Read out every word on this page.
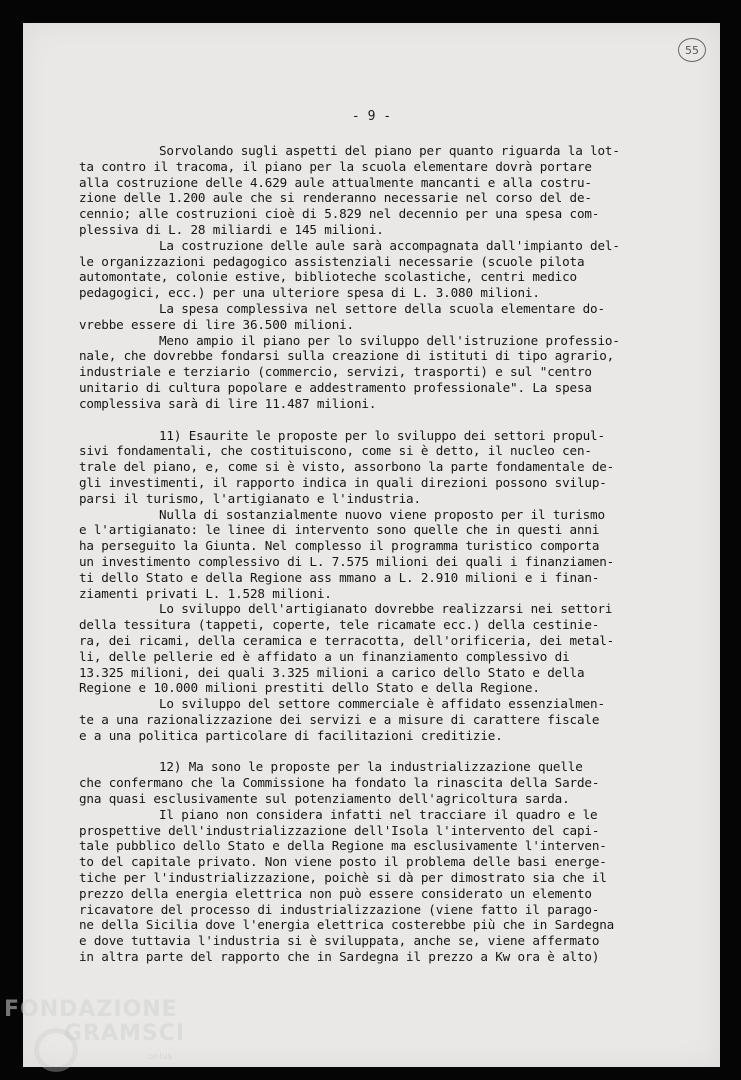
55
- 9 -
Sorvolando sugli aspetti del piano per quanto riguarda la lot-
ta contro il tracoma, il piano per la scuola elementare dovrà portare
alla costruzione delle 4.629 aule attualmente mancanti e alla costru-
zione delle 1.200 aule che si renderanno necessarie nel corso del de-
cennio; alle costruzioni cioè di 5.829 nel decennio per una spesa com-
plessiva di L. 28 miliardi e 145 milioni.
La costruzione delle aule sarà accompagnata dall'impianto del-
le organizzazioni pedagogico assistenziali necessarie (scuole pilota
automontate, colonie estive, biblioteche scolastiche, centri medico
pedagogici, ecc.) per una ulteriore spesa di L. 3.080 milioni.
La spesa complessiva nel settore della scuola elementare do-
vrebbe essere di lire 36.500 milioni.
Meno ampio il piano per lo sviluppo dell'istruzione professio-
nale, che dovrebbe fondarsi sulla creazione di istituti di tipo agrario,
industriale e terziario (commercio, servizi, trasporti) e sul "centro
unitario di cultura popolare e addestramento professionale". La spesa
complessiva sarà di lire 11.487 milioni.
11) Esaurite le proposte per lo sviluppo dei settori propul-
sivi fondamentali, che costituiscono, come si è detto, il nucleo cen-
trale del piano, e, come si è visto, assorbono la parte fondamentale de-
gli investimenti, il rapporto indica in quali direzioni possono svilup-
parsi il turismo, l'artigianato e l'industria.
Nulla di sostanzialmente nuovo viene proposto per il turismo
e l'artigianato: le linee di intervento sono quelle che in questi anni
ha perseguito la Giunta. Nel complesso il programma turistico comporta
un investimento complessivo di L. 7.575 milioni dei quali i finanziamen-
ti dello Stato e della Regione ass mmano a L. 2.910 milioni e i finan-
ziamenti privati L. 1.528 milioni.
Lo sviluppo dell'artigianato dovrebbe realizzarsi nei settori
della tessitura (tappeti, coperte, tele ricamate ecc.) della cestinie-
ra, dei ricami, della ceramica e terracotta, dell'orificeria, dei metal-
li, delle pellerie ed è affidato a un finanziamento complessivo di
13.325 milioni, dei quali 3.325 milioni a carico dello Stato e della
Regione e 10.000 milioni prestiti dello Stato e della Regione.
Lo sviluppo del settore commerciale è affidato essenzialmen-
te a una razionalizzazione dei servizi e a misure di carattere fiscale
e a una politica particolare di facilitazioni creditizie.
12) Ma sono le proposte per la industrializzazione quelle
che confermano che la Commissione ha fondato la rinascita della Sarde-
gna quasi esclusivamente sul potenziamento dell'agricoltura sarda.
Il piano non considera infatti nel tracciare il quadro e le
prospettive dell'industrializzazione dell'Isola l'intervento del capi-
tale pubblico dello Stato e della Regione ma esclusivamente l'interven-
to del capitale privato. Non viene posto il problema delle basi energe-
tiche per l'industrializzazione, poichè si dà per dimostrato sia che il
prezzo della energia elettrica non può essere considerato un elemento
ricavatore del processo di industrializzazione (viene fatto il parago-
ne della Sicilia dove l'energia elettrica costerebbe più che in Sardegna
e dove tuttavia l'industria si è sviluppata, anche se, viene affermato
in altra parte del rapporto che in Sardegna il prezzo a Kw ora è alto)
FONDAZIONE
GRAMSCI
onlus
